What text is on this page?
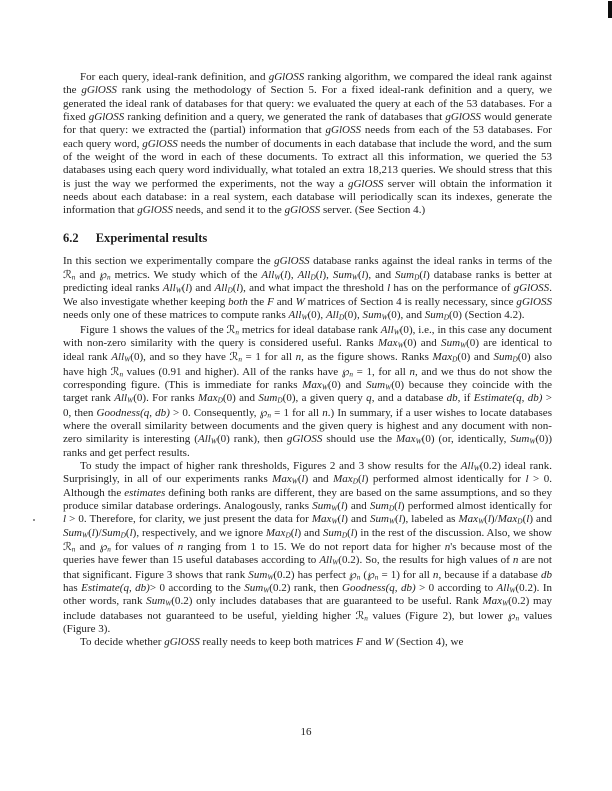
For each query, ideal-rank definition, and gGlOSS ranking algorithm, we compared the ideal rank against the gGlOSS rank using the methodology of Section 5. For a fixed ideal-rank definition and a query, we generated the ideal rank of databases for that query: we evaluated the query at each of the 53 databases. For a fixed gGlOSS ranking definition and a query, we generated the rank of databases that gGlOSS would generate for that query: we extracted the (partial) information that gGlOSS needs from each of the 53 databases. For each query word, gGlOSS needs the number of documents in each database that include the word, and the sum of the weight of the word in each of these documents. To extract all this information, we queried the 53 databases using each query word individually, what totaled an extra 18,213 queries. We should stress that this is just the way we performed the experiments, not the way a gGlOSS server will obtain the information it needs about each database: in a real system, each database will periodically scan its indexes, generate the information that gGlOSS needs, and send it to the gGlOSS server. (See Section 4.)

6.2 Experimental results

In this section we experimentally compare the gGlOSS database ranks against the ideal ranks in terms of the ℛ$_n$ and $℘_n$ metrics. We study which of the All$_W$(l), All$_D$(l), Sum$_W$(l), and Sum$_D$(l) database ranks is better at predicting ideal ranks All$_W$(l) and All$_D$(l), and what impact the threshold l has on the performance of gGlOSS. We also investigate whether keeping both the F and W matrices of Section 4 is really necessary, since gGlOSS needs only one of these matrices to compute ranks All$_W$(0), All$_D$(0), Sum$_W$(0), and Sum$_D$(0) (Section 4.2).

Figure 1 shows the values of the ℛ$_n$ metrics for ideal database rank All$_W$(0), i.e., in this case any document with non-zero similarity with the query is considered useful. Ranks Max$_W$(0) and Sum$_W$(0) are identical to ideal rank All$_W$(0), and so they have ℛ$_n$ = 1 for all n, as the figure shows. Ranks Max$_D$(0) and Sum$_D$(0) also have high ℛ$_n$ values (0.91 and higher). All of the ranks have $℘_n = 1$, for all n, and we thus do not show the corresponding figure. (This is immediate for ranks Max$_W$(0) and Sum$_W$(0) because they coincide with the target rank All$_W$(0). For ranks Max$_D$(0) and Sum$_D$(0), a given query q, and a database db, if Estimate(q, db) > 0, then Goodness(q, db) > 0. Consequently, $℘_n = 1$ for all n.) In summary, if a user wishes to locate databases where the overall similarity between documents and the given query is highest and any document with non-zero similarity is interesting (All$_W$(0) rank), then gGlOSS should use the Max$_W$(0) (or, identically, Sum$_W$(0)) ranks and get perfect results.

To study the impact of higher rank thresholds, Figures 2 and 3 show results for the All$_W$(0.2) ideal rank. Surprisingly, in all of our experiments ranks Max$_W$(l) and Max$_D$(l) performed almost identically for l > 0. Although the estimates defining both ranks are different, they are based on the same assumptions, and so they produce similar database orderings. Analogously, ranks Sum$_W$(l) and Sum$_D$(l) performed almost identically for l > 0. Therefore, for clarity, we just present the data for Max$_W$(l) and Sum$_W$(l), labeled as Max$_W$(l)/Max$_D$(l) and Sum$_W$(l)/Sum$_D$(l), respectively, and we ignore Max$_D$(l) and Sum$_D$(l) in the rest of the discussion. Also, we show ℛ$_n$ and $℘_n$ for values of n ranging from 1 to 15. We do not report data for higher n's because most of the queries have fewer than 15 useful databases according to All$_W$(0.2). So, the results for high values of n are not that significant. Figure 3 shows that rank Sum$_W$(0.2) has perfect $℘_n$ $(℘_n = 1)$ for all n, because if a database db has Estimate(q, db)> 0 according to the Sum$_W$(0.2) rank, then Goodness(q, db) > 0 according to All$_W$(0.2). In other words, rank Sum$_W$(0.2) only includes databases that are guaranteed to be useful. Rank Max$_W$(0.2) may include databases not guaranteed to be useful, yielding higher ℛ$_n$ values (Figure 2), but lower $℘_n$ values (Figure 3).

To decide whether gGlOSS really needs to keep both matrices F and W (Section 4), we

16
